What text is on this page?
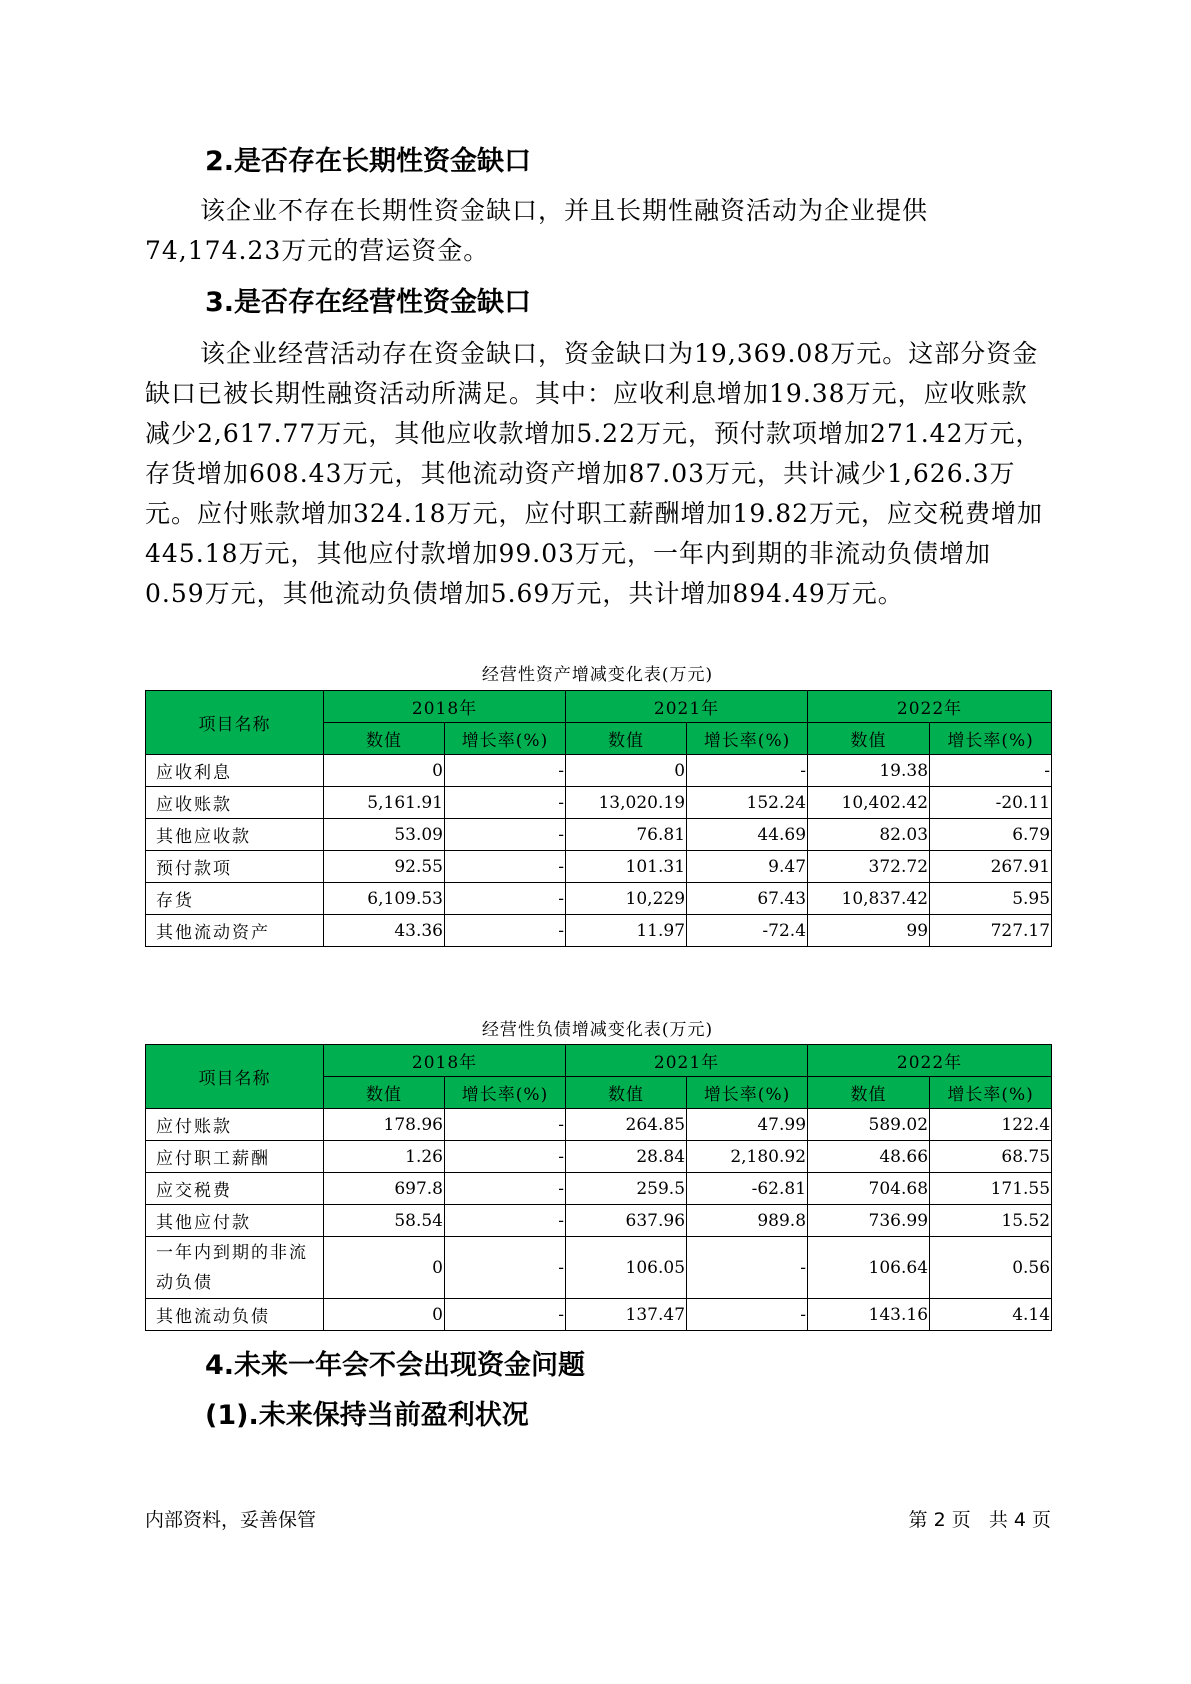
2.是否存在长期性资金缺口

该企业不存在长期性资金缺口，并且长期性融资活动为企业提供74,174.23万元的营运资金。

3.是否存在经营性资金缺口

该企业经营活动存在资金缺口，资金缺口为19,369.08万元。这部分资金缺口已被长期性融资活动所满足。其中：应收利息增加19.38万元，应收账款减少2,617.77万元，其他应收款增加5.22万元，预付款项增加271.42万元，存货增加608.43万元，其他流动资产增加87.03万元，共计减少1,626.3万元。应付账款增加324.18万元，应付职工薪酬增加19.82万元，应交税费增加445.18万元，其他应付款增加99.03万元，一年内到期的非流动负债增加0.59万元，其他流动负债增加5.69万元，共计增加894.49万元。

经营性资产增减变化表(万元)
项目名称	2018年		2021年		2022年	
	数值	增长率(%)	数值	增长率(%)	数值	增长率(%)
应收利息	0	-	0	-	19.38	-
应收账款	5,161.91	-	13,020.19	152.24	10,402.42	-20.11
其他应收款	53.09	-	76.81	44.69	82.03	6.79
预付款项	92.55	-	101.31	9.47	372.72	267.91
存货	6,109.53	-	10,229	67.43	10,837.42	5.95
其他流动资产	43.36	-	11.97	-72.4	99	727.17
经营性负债增减变化表(万元)
项目名称	2018年		2021年		2022年	
	数值	增长率(%)	数值	增长率(%)	数值	增长率(%)
应付账款	178.96	-	264.85	47.99	589.02	122.4
应付职工薪酬	1.26	-	28.84	2,180.92	48.66	68.75
应交税费	697.8	-	259.5	-62.81	704.68	171.55
其他应付款	58.54	-	637.96	989.8	736.99	15.52
一年内到期的非流动负债	0	-	106.05	-	106.64	0.56
其他流动负债	0	-	137.47	-	143.16	4.14
4.未来一年会不会出现资金问题
(1).未来保持当前盈利状况
内部资料，妥善保管	第 2 页   共 4 页
